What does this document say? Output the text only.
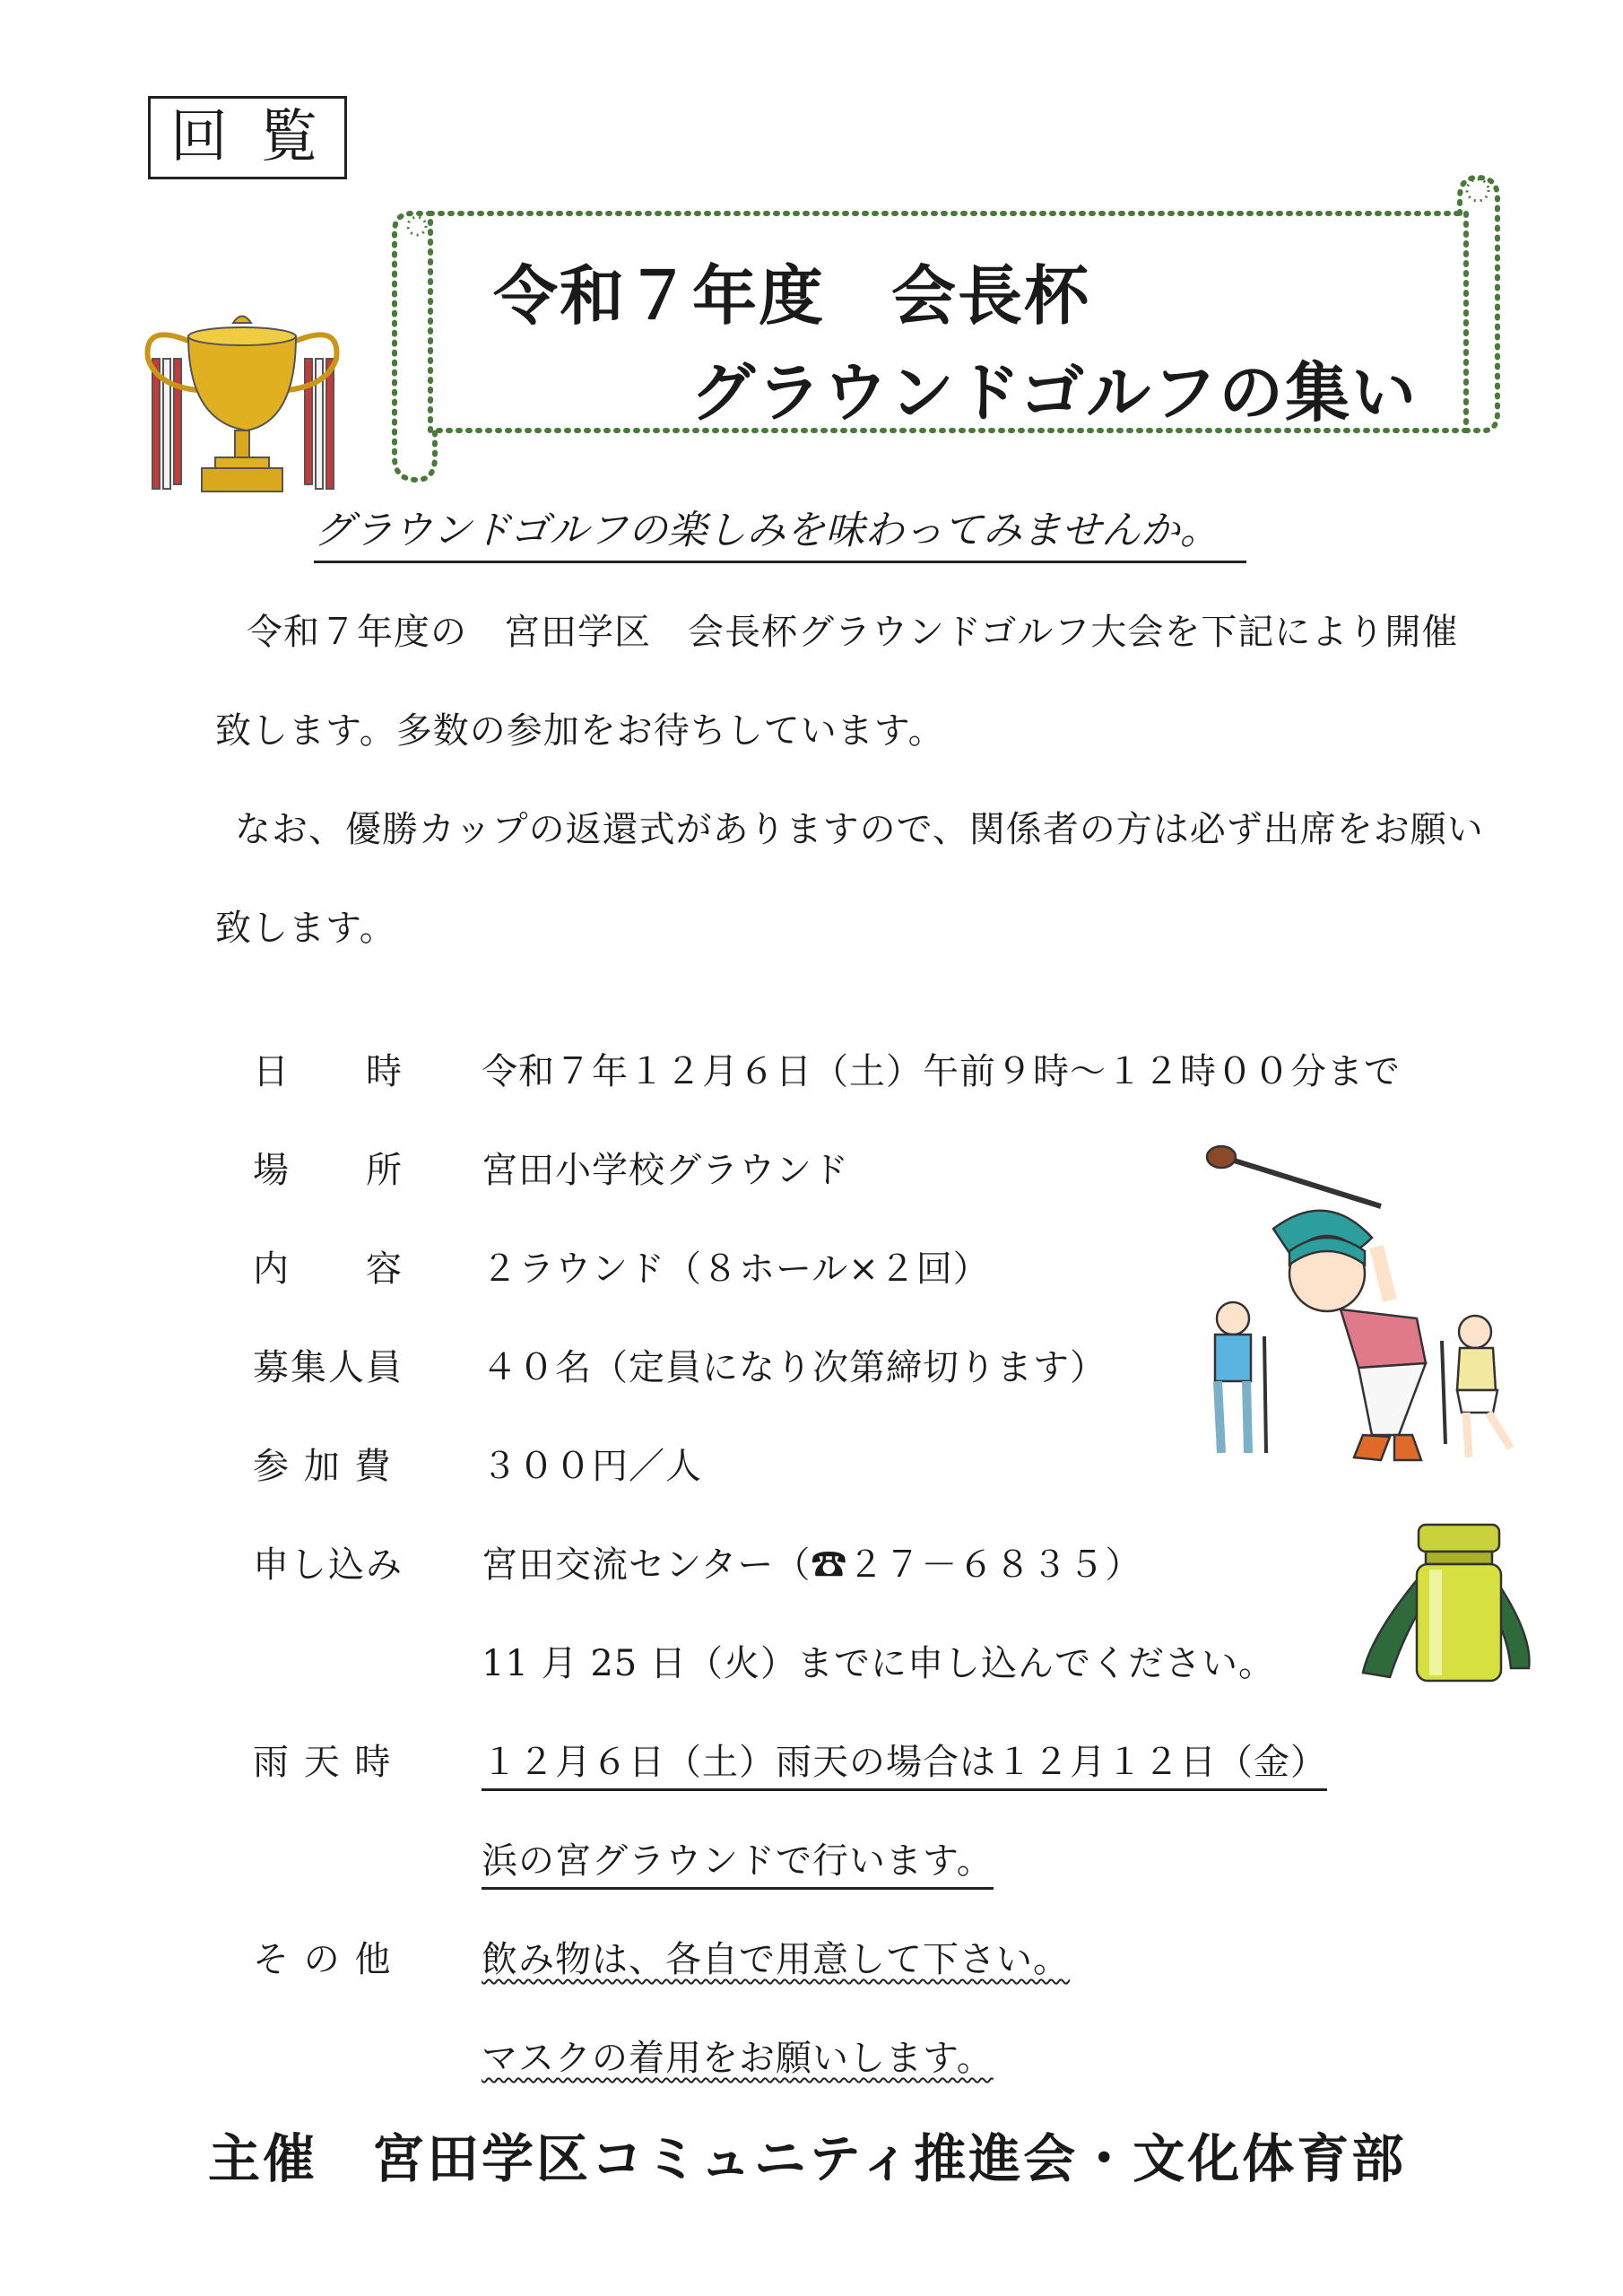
回 覧
令和７年度　会長杯
グラウンドゴルフの集い
グラウンドゴルフの楽しみを味わってみませんか。
令和７年度の　宮田学区　会長杯グラウンドゴルフ大会を下記により開催
致します。多数の参加をお待ちしています。
なお、優勝カップの返還式がありますので、関係者の方は必ず出席をお願い
致します。
日　　時 令和７年１２月６日（土）午前９時～１２時００分まで
場　　所 宮田小学校グラウンド
内　　容 ２ラウンド（８ホール×２回）
募集人員 ４０名（定員になり次第締切ります）
参 加 費 ３００円／人
申し込み 宮田交流センター（☎２７－６８３５）
11 月 25 日（火）までに申し込んでください。
雨 天 時 １２月６日（土）雨天の場合は１２月１２日（金）
浜の宮グラウンドで行います。
そ の 他 飲み物は、各自で用意して下さい。
マスクの着用をお願いします。
主催　宮田学区コミュニティ推進会・文化体育部
